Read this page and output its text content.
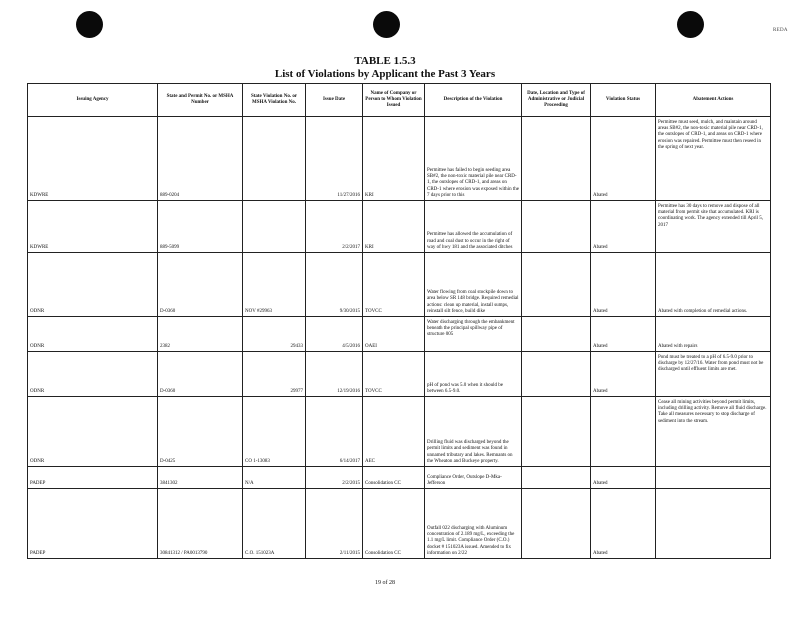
REDA
TABLE 1.5.3
List of Violations by Applicant the Past 3 Years
Issuing Agency	State and Permit No. or MSHA Number	State Violation No. or MSHA Violation No.	Issue Date	Name of Company or Person to Whom Violation Issued	Description of the Violation	Date, Location and Type of Administrative or Judicial Proceeding	Violation Status	Abatement Actions
KDWRE	889-0204		11/27/2016	KRI	Permittee has failed to begin seeding area SB#2, the non-toxic material pile near CRD-1, the outslopes of CRD-1, and areas on CRD-1 where erosion was exposed within the 7 days prior to this		Abated	Permittee must seed, mulch, and maintain around areas SB#2, the non-toxic material pile near CRD-1, the outslopes of CRD-1, and areas on CRD-1 where erosion was repaired. Permittee must then reseed in the spring of next year.
KDWRE	889-5099		2/2/2017	KRI	Permittee has allowed the accumulation of road and coal dust to occur in the right of way of hwy 181 and the associated ditches		Abated	Permittee has 30 days to remove and dispose of all material from permit site that accumulated. KRI is coordinating work. The agency extended till April 5, 2017
ODNR	D-0360	NOV #29963	9/30/2015	TOVCC	Water flowing from coal stockpile down to area below SR 148 bridge. Required remedial actions: clean up material, install sumps, reinstall silt fence, build dike		Abated	Abated with completion of remedial actions.
ODNR	2382	29433	4/5/2016	OAEI	Water discharging through the embankment beneath the principal spillway pipe of structure 005		Abated	Abated with repairs
ODNR	D-0360	29977	12/19/2016	TOVCC	pH of pond was 5.0 when it should be between 6.5-9.0.		Abated	Pond must be treated to a pH of 6.5-9.0 prior to discharge by 12/27/16. Water from pond must not be discharged until effluent limits are met.
ODNR	D-0425	CO 1-13083	6/14/2017	AEC	Drilling fluid was discharged beyond the permit limits and sediment was found in unnamed tributary and lakes. Remnants on the Wheaton and Buckeye property.			Cease all mining activities beyond permit limits, including drilling activity. Remove all fluid discharge. Take all measures necessary to stop discharge of sediment into the stream.
PADEP	3841302	N/A	2/2/2015	Consolidation CC	Compliance Order, Outslope D-Mka-Jefferson		Abated	
PADEP	30841312 / PA0013790	C.O. 151023A	2/11/2015	Consolidation CC	Outfall 022 discharging with Aluminum concentration of 2.189 mg/L, exceeding the 1.1 mg/L limit. Compliance Order (C.O.) docket # 151023A issued. Amended to fix information on 2/22		Abated	
19 of 28
